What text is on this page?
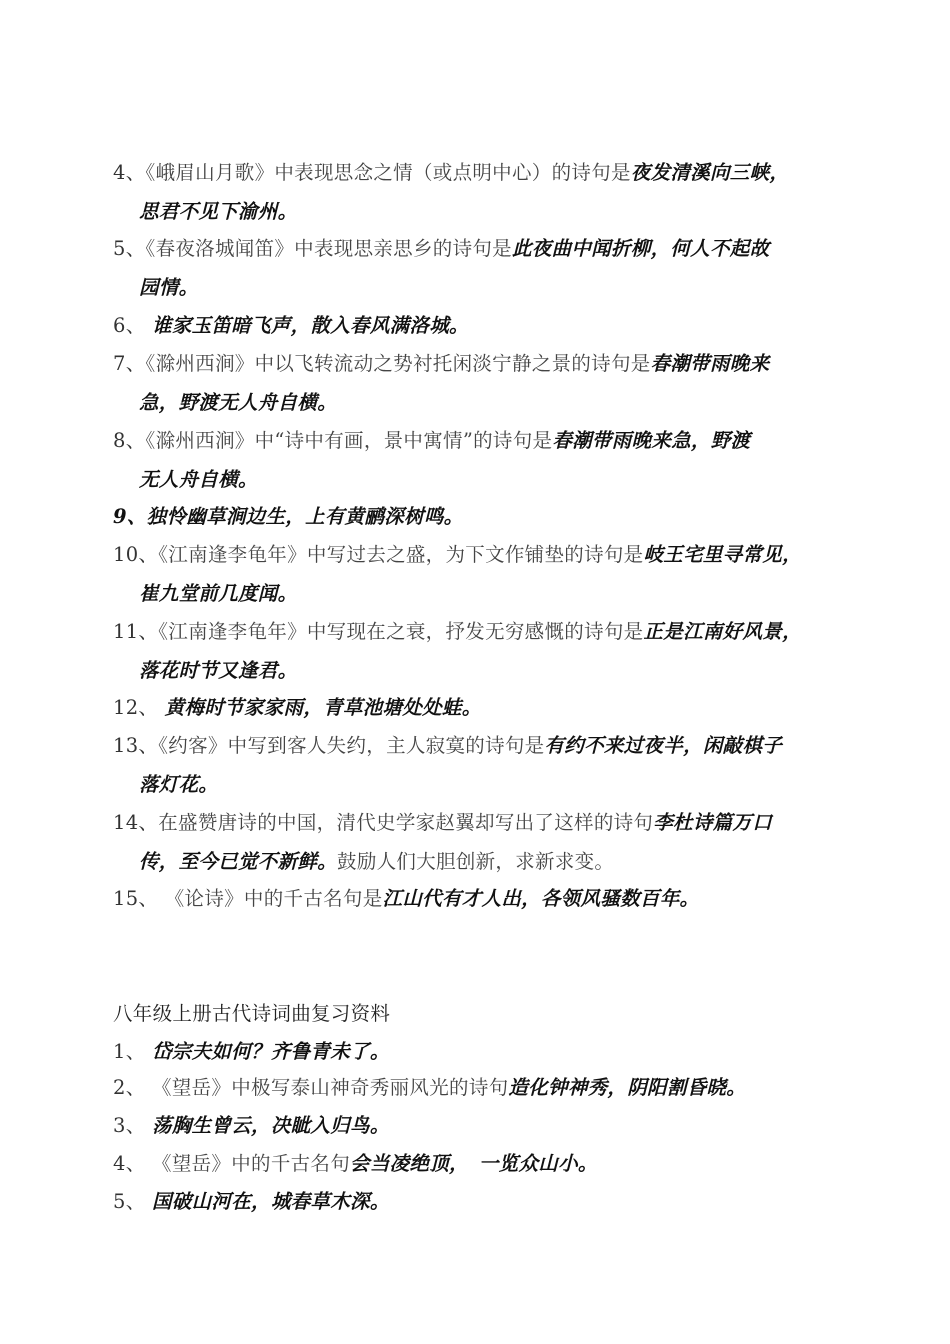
4、《峨眉山月歌》中表现思念之情（或点明中心）的诗句是夜发清溪向三峡，
思君不见下渝州。
5、《春夜洛城闻笛》中表现思亲思乡的诗句是此夜曲中闻折柳，何人不起故
园情。
6、 谁家玉笛暗飞声，散入春风满洛城。
7、《滁州西涧》中以飞转流动之势衬托闲淡宁静之景的诗句是春潮带雨晚来
急，野渡无人舟自横。
8、《滁州西涧》中“诗中有画，景中寓情”的诗句是春潮带雨晚来急，野渡
无人舟自横。
9、独怜幽草涧边生，上有黄鹂深树鸣。
10、《江南逢李龟年》中写过去之盛，为下文作铺垫的诗句是岐王宅里寻常见，
崔九堂前几度闻。
11、《江南逢李龟年》中写现在之衰，抒发无穷感慨的诗句是正是江南好风景，
落花时节又逢君。
12、 黄梅时节家家雨，青草池塘处处蛙。
13、《约客》中写到客人失约，主人寂寞的诗句是有约不来过夜半，闲敲棋子
落灯花。
14、在盛赞唐诗的中国，清代史学家赵翼却写出了这样的诗句李杜诗篇万口
传，至今已觉不新鲜。鼓励人们大胆创新，求新求变。
15、 《论诗》中的千古名句是江山代有才人出，各领风骚数百年。
八年级上册古代诗词曲复习资料
1、 岱宗夫如何？齐鲁青未了。
2、 《望岳》中极写泰山神奇秀丽风光的诗句造化钟神秀，阴阳割昏晓。
3、 荡胸生曾云，决眦入归鸟。
4、 《望岳》中的千古名句会当凌绝顶，　一览众山小。
5、 国破山河在，城春草木深。
